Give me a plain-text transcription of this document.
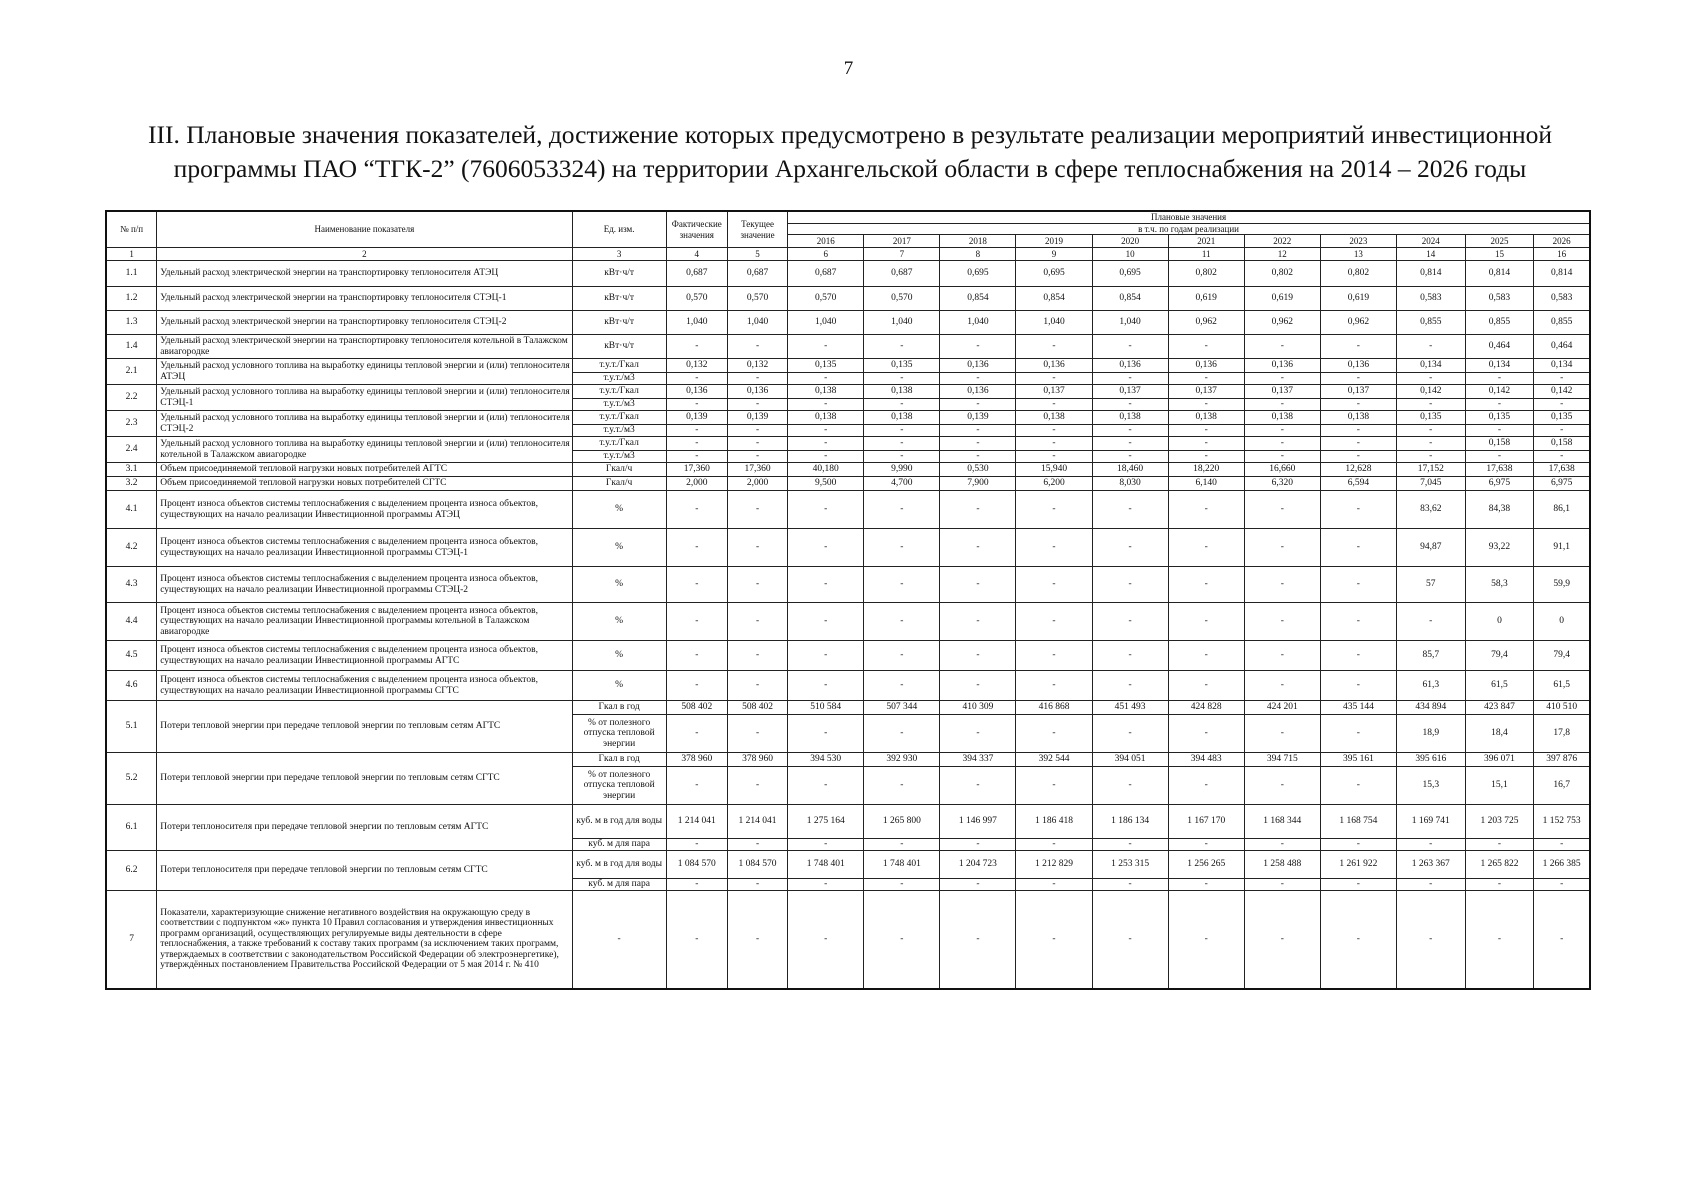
7
III. Плановые значения показателей, достижение которых предусмотрено в результате реализации мероприятий инвестиционной
программы ПАО “ТГК-2” (7606053324) на территории Архангельской области в сфере теплоснабжения на 2014 – 2026 годы
№ п/п	Наименование показателя	Ед. изм.	Фактические значения	Текущее значение	Плановые значения										
					в т.ч. по годам реализации										
					2016	2017	2018	2019	2020	2021	2022	2023	2024	2025	2026
1	2	3	4	5	6	7	8	9	10	11	12	13	14	15	16
1.1	Удельный расход электрической энергии на транспортировку теплоносителя АТЭЦ	кВт·ч/т	0,687	0,687	0,687	0,687	0,695	0,695	0,695	0,802	0,802	0,802	0,814	0,814	0,814
1.2	Удельный расход электрической энергии на транспортировку теплоносителя СТЭЦ-1	кВт·ч/т	0,570	0,570	0,570	0,570	0,854	0,854	0,854	0,619	0,619	0,619	0,583	0,583	0,583
1.3	Удельный расход электрической энергии на транспортировку теплоносителя СТЭЦ-2	кВт·ч/т	1,040	1,040	1,040	1,040	1,040	1,040	1,040	0,962	0,962	0,962	0,855	0,855	0,855
1.4	Удельный расход электрической энергии на транспортировку теплоносителя котельной в Талажском авиагородке	кВт·ч/т	-	-	-	-	-	-	-	-	-	-	-	0,464	0,464
2.1	Удельный расход условного топлива на выработку единицы тепловой энергии и (или) теплоносителя АТЭЦ	т.у.т./Гкал	0,132	0,132	0,135	0,135	0,136	0,136	0,136	0,136	0,136	0,136	0,134	0,134	0,134
		т.у.т./м3	-	-	-	-	-	-	-	-	-	-	-	-	-
2.2	Удельный расход условного топлива на выработку единицы тепловой энергии и (или) теплоносителя СТЭЦ-1	т.у.т./Гкал	0,136	0,136	0,138	0,138	0,136	0,137	0,137	0,137	0,137	0,137	0,142	0,142	0,142
		т.у.т./м3	-	-	-	-	-	-	-	-	-	-	-	-	-
2.3	Удельный расход условного топлива на выработку единицы тепловой энергии и (или) теплоносителя СТЭЦ-2	т.у.т./Гкал	0,139	0,139	0,138	0,138	0,139	0,138	0,138	0,138	0,138	0,138	0,135	0,135	0,135
		т.у.т./м3	-	-	-	-	-	-	-	-	-	-	-	-	-
2.4	Удельный расход условного топлива на выработку единицы тепловой энергии и (или) теплоносителя котельной в Талажском авиагородке	т.у.т./Гкал	-	-	-	-	-	-	-	-	-	-	-	0,158	0,158
		т.у.т./м3	-	-	-	-	-	-	-	-	-	-	-	-	-
3.1	Объем присоединяемой тепловой нагрузки новых потребителей АГТС	Гкал/ч	17,360	17,360	40,180	9,990	0,530	15,940	18,460	18,220	16,660	12,628	17,152	17,638	17,638
3.2	Объем присоединяемой тепловой нагрузки новых потребителей СГТС	Гкал/ч	2,000	2,000	9,500	4,700	7,900	6,200	8,030	6,140	6,320	6,594	7,045	6,975	6,975
4.1	Процент износа объектов системы теплоснабжения с выделением процента износа объектов, существующих на начало реализации Инвестиционной программы АТЭЦ	%	-	-	-	-	-	-	-	-	-	-	83,62	84,38	86,1
4.2	Процент износа объектов системы теплоснабжения с выделением процента износа объектов, существующих на начало реализации Инвестиционной программы СТЭЦ-1	%	-	-	-	-	-	-	-	-	-	-	94,87	93,22	91,1
4.3	Процент износа объектов системы теплоснабжения с выделением процента износа объектов, существующих на начало реализации Инвестиционной программы СТЭЦ-2	%	-	-	-	-	-	-	-	-	-	-	57	58,3	59,9
4.4	Процент износа объектов системы теплоснабжения с выделением процента износа объектов, существующих на начало реализации Инвестиционной программы котельной в Талажском авиагородке	%	-	-	-	-	-	-	-	-	-	-	-	0	0
4.5	Процент износа объектов системы теплоснабжения с выделением процента износа объектов, существующих на начало реализации Инвестиционной программы АГТС	%	-	-	-	-	-	-	-	-	-	-	85,7	79,4	79,4
4.6	Процент износа объектов системы теплоснабжения с выделением процента износа объектов, существующих на начало реализации Инвестиционной программы СГТС	%	-	-	-	-	-	-	-	-	-	-	61,3	61,5	61,5
5.1	Потери тепловой энергии при передаче тепловой энергии по тепловым сетям АГТС	Гкал в год	508 402	508 402	510 584	507 344	410 309	416 868	451 493	424 828	424 201	435 144	434 894	423 847	410 510
		% от полезного отпуска тепловой энергии	-	-	-	-	-	-	-	-	-	-	18,9	18,4	17,8
5.2	Потери тепловой энергии при передаче тепловой энергии по тепловым сетям СГТС	Гкал в год	378 960	378 960	394 530	392 930	394 337	392 544	394 051	394 483	394 715	395 161	395 616	396 071	397 876
		% от полезного отпуска тепловой энергии	-	-	-	-	-	-	-	-	-	-	15,3	15,1	16,7
6.1	Потери теплоносителя при передаче тепловой энергии по тепловым сетям АГТС	куб. м в год для воды	1 214 041	1 214 041	1 275 164	1 265 800	1 146 997	1 186 418	1 186 134	1 167 170	1 168 344	1 168 754	1 169 741	1 203 725	1 152 753
		куб. м для пара	-	-	-	-	-	-	-	-	-	-	-	-	-
6.2	Потери теплоносителя при передаче тепловой энергии по тепловым сетям СГТС	куб. м в год для воды	1 084 570	1 084 570	1 748 401	1 748 401	1 204 723	1 212 829	1 253 315	1 256 265	1 258 488	1 261 922	1 263 367	1 265 822	1 266 385
		куб. м для пара	-	-	-	-	-	-	-	-	-	-	-	-	-
7	Показатели, характеризующие снижение негативного воздействия на окружающую среду в соответствии с подпунктом «ж» пункта 10 Правил согласования и утверждения инвестиционных программ организаций, осуществляющих регулируемые виды деятельности в сфере теплоснабжения, а также требований к составу таких программ (за исключением таких программ, утверждаемых в соответствии с законодательством Российской Федерации об электроэнергетике), утверждённых постановлением Правительства Российской Федерации от 5 мая 2014 г. № 410	-	-	-	-	-	-	-	-	-	-	-	-	-	-
